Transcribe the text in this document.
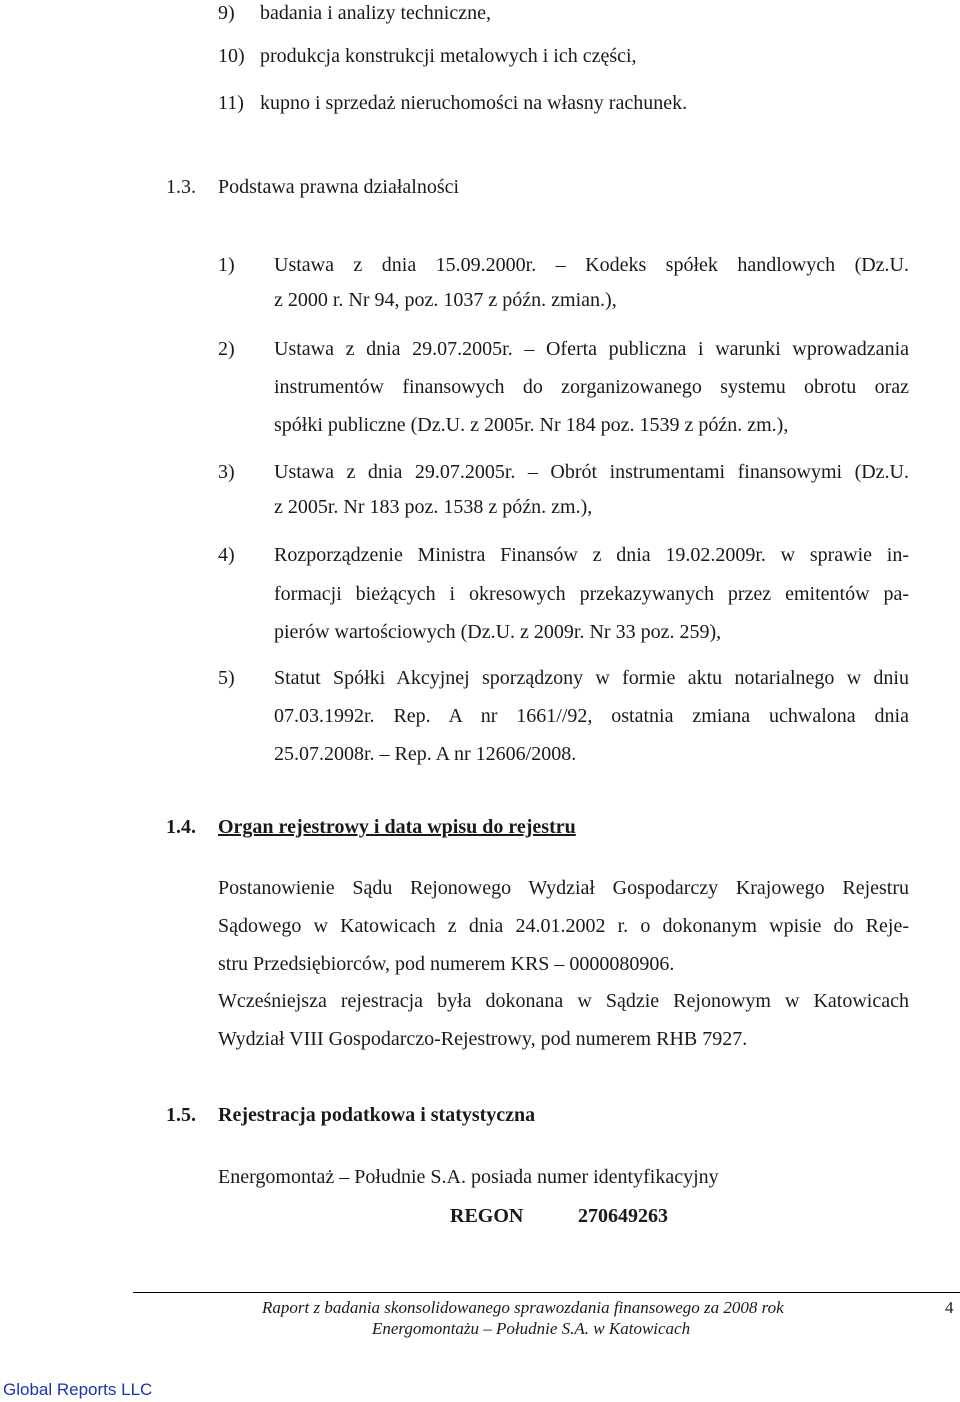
9) badania i analizy techniczne,
10) produkcja konstrukcji metalowych i ich części,
11) kupno i sprzedaż nieruchomości na własny rachunek.
1.3. Podstawa prawna działalności
1) Ustawa z dnia 15.09.2000r. – Kodeks spółek handlowych (Dz.U.
z 2000 r. Nr 94, poz. 1037 z późn. zmian.),
2) Ustawa z dnia 29.07.2005r. – Oferta publiczna i warunki wprowadzania
instrumentów finansowych do zorganizowanego systemu obrotu oraz
spółki publiczne (Dz.U. z 2005r. Nr 184 poz. 1539 z późn. zm.),
3) Ustawa z dnia 29.07.2005r. – Obrót instrumentami finansowymi (Dz.U.
z 2005r. Nr 183 poz. 1538 z późn. zm.),
4) Rozporządzenie Ministra Finansów z dnia 19.02.2009r. w sprawie in-
formacji bieżących i okresowych przekazywanych przez emitentów pa-
pierów wartościowych (Dz.U. z 2009r. Nr 33 poz. 259),
5) Statut Spółki Akcyjnej sporządzony w formie aktu notarialnego w dniu
07.03.1992r. Rep. A nr 1661//92, ostatnia zmiana uchwalona dnia
25.07.2008r. – Rep. A nr 12606/2008.
1.4. Organ rejestrowy i data wpisu do rejestru
Postanowienie Sądu Rejonowego Wydział Gospodarczy Krajowego Rejestru
Sądowego w Katowicach z dnia 24.01.2002 r. o dokonanym wpisie do Reje-
stru Przedsiębiorców, pod numerem KRS – 0000080906.
Wcześniejsza rejestracja była dokonana w Sądzie Rejonowym w Katowicach
Wydział VIII Gospodarczo-Rejestrowy, pod numerem RHB 7927.
1.5. Rejestracja podatkowa i statystyczna
Energomontaż – Południe S.A. posiada numer identyfikacyjny
REGON	270649263
Raport z badania skonsolidowanego sprawozdania finansowego za 2008 rok
Energomontażu – Południe S.A. w Katowicach
4
Global Reports LLC
